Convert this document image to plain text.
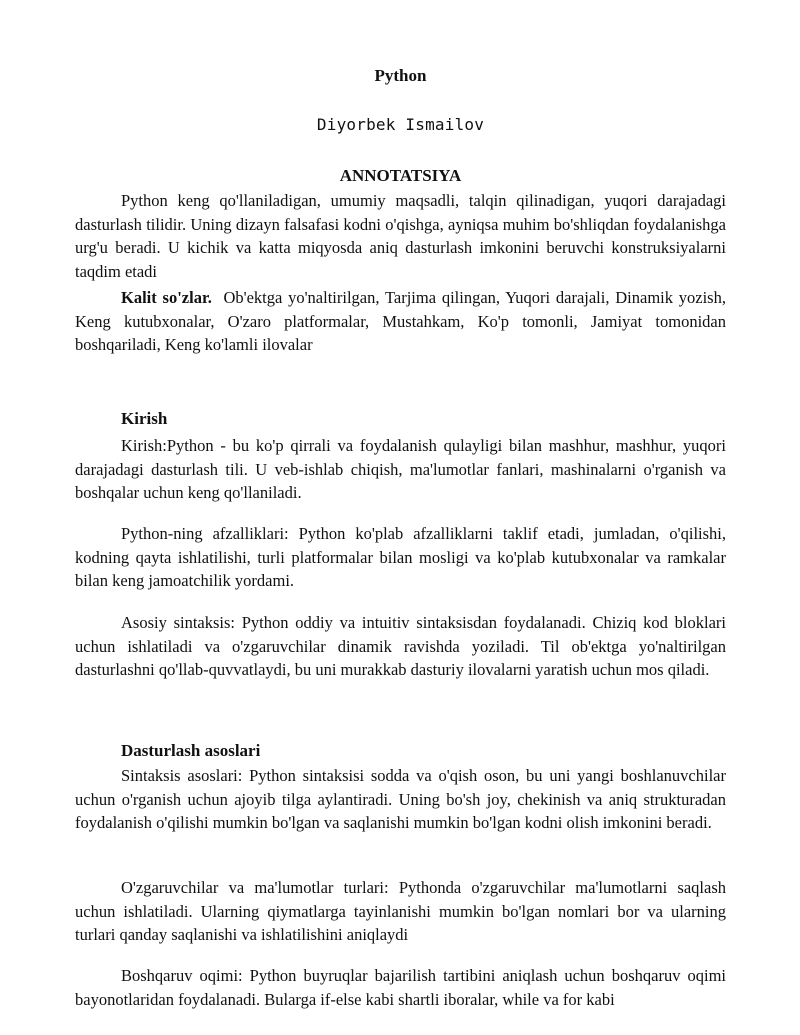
Python
Diyorbek Ismailov
ANNOTATSIYA

Python keng qo'llaniladigan, umumiy maqsadli, talqin qilinadigan, yuqori darajadagi dasturlash tilidir. Uning dizayn falsafasi kodni o'qishga, ayniqsa muhim bo'shliqdan foydalanishga urg'u beradi. U kichik va katta miqyosda aniq dasturlash imkonini beruvchi konstruksiyalarni taqdim etadi

Kalit so'zlar. Ob'ektga yo'naltirilgan, Tarjima qilingan, Yuqori darajali, Dinamik yozish, Keng kutubxonalar, O'zaro platformalar, Mustahkam, Ko'p tomonli, Jamiyat tomonidan boshqariladi, Keng ko'lamli ilovalar

Kirish

Kirish:Python - bu ko'p qirrali va foydalanish qulayligi bilan mashhur, mashhur, yuqori darajadagi dasturlash tili. U veb-ishlab chiqish, ma'lumotlar fanlari, mashinalarni o'rganish va boshqalar uchun keng qo'llaniladi.

Python-ning afzalliklari: Python ko'plab afzalliklarni taklif etadi, jumladan, o'qilishi, kodning qayta ishlatilishi, turli platformalar bilan mosligi va ko'plab kutubxonalar va ramkalar bilan keng jamoatchilik yordami.

Asosiy sintaksis: Python oddiy va intuitiv sintaksisdan foydalanadi. Chiziq kod bloklari uchun ishlatiladi va o'zgaruvchilar dinamik ravishda yoziladi. Til ob'ektga yo'naltirilgan dasturlashni qo'llab-quvvatlaydi, bu uni murakkab dasturiy ilovalarni yaratish uchun mos qiladi.

Dasturlash asoslari

Sintaksis asoslari: Python sintaksisi sodda va o'qish oson, bu uni yangi boshlanuvchilar uchun o'rganish uchun ajoyib tilga aylantiradi. Uning bo'sh joy, chekinish va aniq strukturadan foydalanish o'qilishi mumkin bo'lgan va saqlanishi mumkin bo'lgan kodni olish imkonini beradi.

O'zgaruvchilar va ma'lumotlar turlari: Pythonda o'zgaruvchilar ma'lumotlarni saqlash uchun ishlatiladi. Ularning qiymatlarga tayinlanishi mumkin bo'lgan nomlari bor va ularning turlari qanday saqlanishi va ishlatilishini aniqlaydi

Boshqaruv oqimi: Python buyruqlar bajarilish tartibini aniqlash uchun boshqaruv oqimi bayonotlaridan foydalanadi. Bularga if-else kabi shartli iboralar, while va for kabi
